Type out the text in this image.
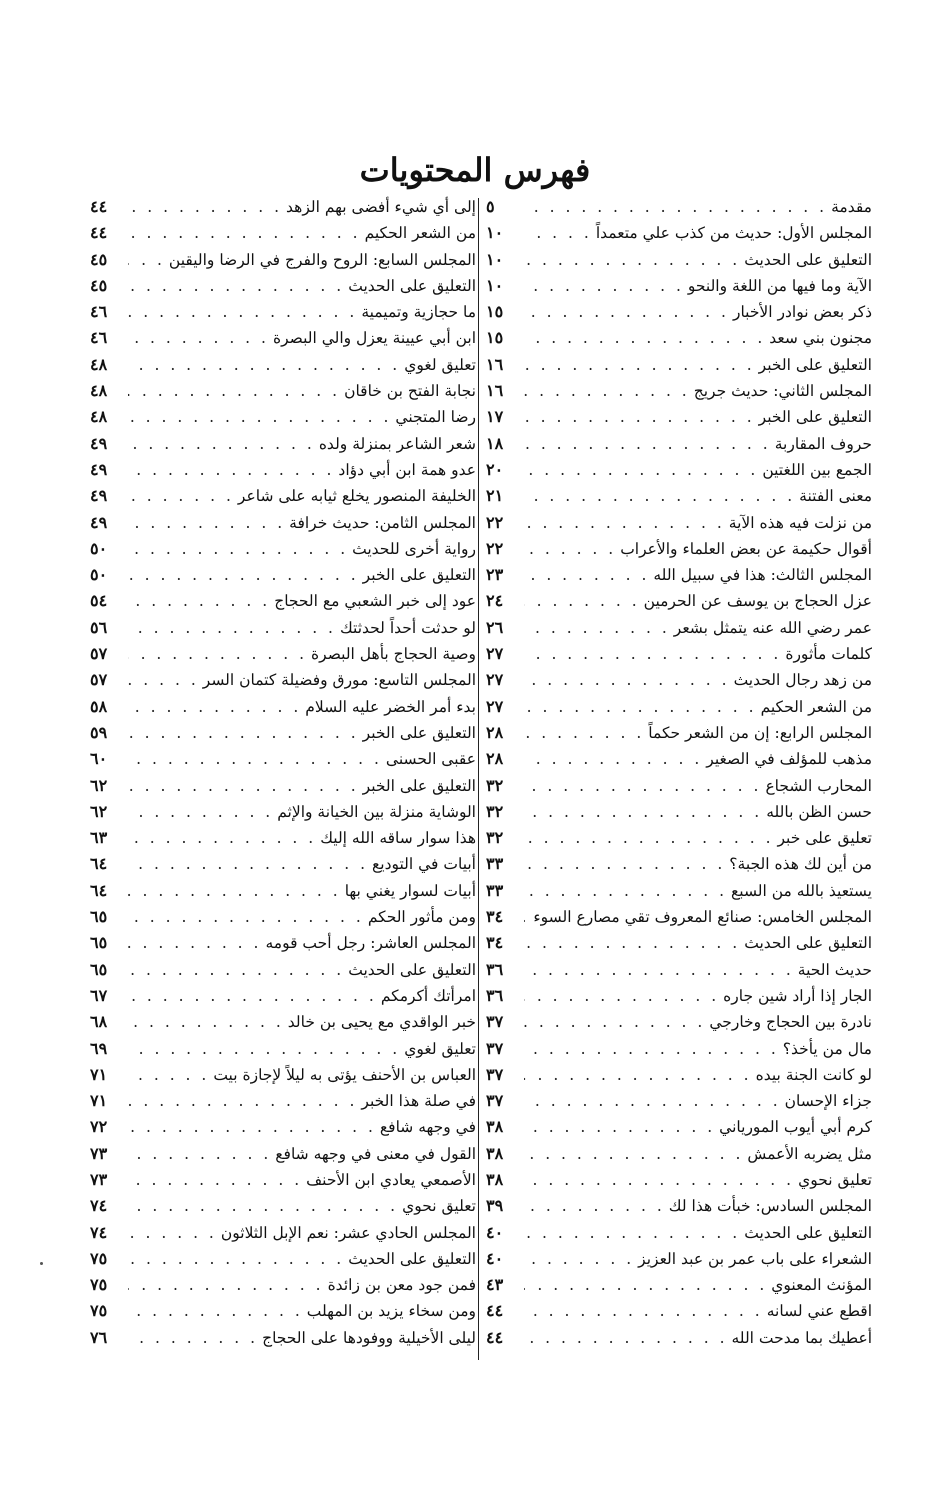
فهرس المحتويات
مقدمة
. . .
٥
المجلس الأول: حديث من كذب علي متعمداً
. . .
١٠
التعليق على الحديث
. . .
١٠
الآية وما فيها من اللغة والنحو
. . .
١٠
ذكر بعض نوادر الأخبار
. . .
١٥
مجنون بني سعد
. . .
١٥
التعليق على الخبر
. . .
١٦
المجلس الثاني: حديث جريج
. . .
١٦
التعليق على الخبر
. . .
١٧
حروف المقاربة
. . .
١٨
الجمع بين اللغتين
. . .
٢٠
معنى الفتنة
. . .
٢١
من نزلت فيه هذه الآية
. . .
٢٢
أقوال حكيمة عن بعض العلماء والأعراب
. . .
٢٢
المجلس الثالث: هذا في سبيل الله
. . .
٢٣
عزل الحجاج بن يوسف عن الحرمين
. . .
٢٤
عمر رضي الله عنه يتمثل بشعر
. . .
٢٦
كلمات مأثورة
. . .
٢٧
من زهد رجال الحديث
. . .
٢٧
من الشعر الحكيم
. . .
٢٧
المجلس الرابع: إن من الشعر حكماً
. . .
٢٨
مذهب للمؤلف في الصغير
. . .
٢٨
المحارب الشجاع
. . .
٣٢
حسن الظن بالله
. . .
٣٢
تعليق على خبر
. . .
٣٢
من أين لك هذه الجبة؟
. . .
٣٣
يستعيذ بالله من السبع
. . .
٣٣
المجلس الخامس: صنائع المعروف تقي مصارع السوء
. . .
٣٤
التعليق على الحديث
. . .
٣٤
حديث الحية
. . .
٣٦
الجار إذا أراد شين جاره
. . .
٣٦
نادرة بين الحجاج وخارجي
. . .
٣٧
مال من يأخذ؟
. . .
٣٧
لو كانت الجنة بيده
. . .
٣٧
جزاء الإحسان
. . .
٣٧
كرم أبي أيوب المورياني
. . .
٣٨
مثل يضربه الأعمش
. . .
٣٨
تعليق نحوي
. . .
٣٨
المجلس السادس: خبأت هذا لك
. . .
٣٩
التعليق على الحديث
. . .
٤٠
الشعراء على باب عمر بن عبد العزيز
. . .
٤٠
المؤنث المعنوي
. . .
٤٣
اقطع عني لسانه
. . .
٤٤
أعطيك بما مدحت الله
. . .
٤٤
إلى أي شيء أفضى بهم الزهد
. . .
٤٤
من الشعر الحكيم
. . .
٤٤
المجلس السابع: الروح والفرج في الرضا واليقين
. . .
٤٥
التعليق على الحديث
. . .
٤٥
ما حجازية وتميمية
. . .
٤٦
ابن أبي عيينة يعزل والي البصرة
. . .
٤٦
تعليق لغوي
. . .
٤٨
نجابة الفتح بن خاقان
. . .
٤٨
رضا المتجني
. . .
٤٨
شعر الشاعر بمنزلة ولده
. . .
٤٩
عدو همة ابن أبي دؤاد
. . .
٤٩
الخليفة المنصور يخلع ثيابه على شاعر
. . .
٤٩
المجلس الثامن: حديث خرافة
. . .
٤٩
رواية أخرى للحديث
. . .
٥٠
التعليق على الخبر
. . .
٥٠
عود إلى خبر الشعبي مع الحجاج
. . .
٥٤
لو حدثت أحداً لحدثتك
. . .
٥٦
وصية الحجاج بأهل البصرة
. . .
٥٧
المجلس التاسع: مورق وفضيلة كتمان السر
. . .
٥٧
بدء أمر الخضر عليه السلام
. . .
٥٨
التعليق على الخبر
. . .
٥٩
عقبى الحسنى
. . .
٦٠
التعليق على الخبر
. . .
٦٢
الوشاية منزلة بين الخيانة والإثم
. . .
٦٢
هذا سوار ساقه الله إليك
. . .
٦٣
أبيات في التوديع
. . .
٦٤
أبيات لسوار يغني بها
. . .
٦٤
ومن مأثور الحكم
. . .
٦٥
المجلس العاشر: رجل أحب قومه
. . .
٦٥
التعليق على الحديث
. . .
٦٥
امرأتك أكرمكم
. . .
٦٧
خبر الواقدي مع يحيى بن خالد
. . .
٦٨
تعليق لغوي
. . .
٦٩
العباس بن الأحنف يؤتى به ليلاً لإجازة بيت
. . .
٧١
في صلة هذا الخبر
. . .
٧١
في وجهه شافع
. . .
٧٢
القول في معنى في وجهه شافع
. . .
٧٣
الأصمعي يعادي ابن الأحنف
. . .
٧٣
تعليق نحوي
. . .
٧٤
المجلس الحادي عشر: نعم الإبل الثلاثون
. . .
٧٤
التعليق على الحديث
. . .
٧٥
فمن جود معن بن زائدة
. . .
٧٥
ومن سخاء يزيد بن المهلب
. . .
٧٥
ليلى الأخيلية ووفودها على الحجاج
. . .
٧٦
